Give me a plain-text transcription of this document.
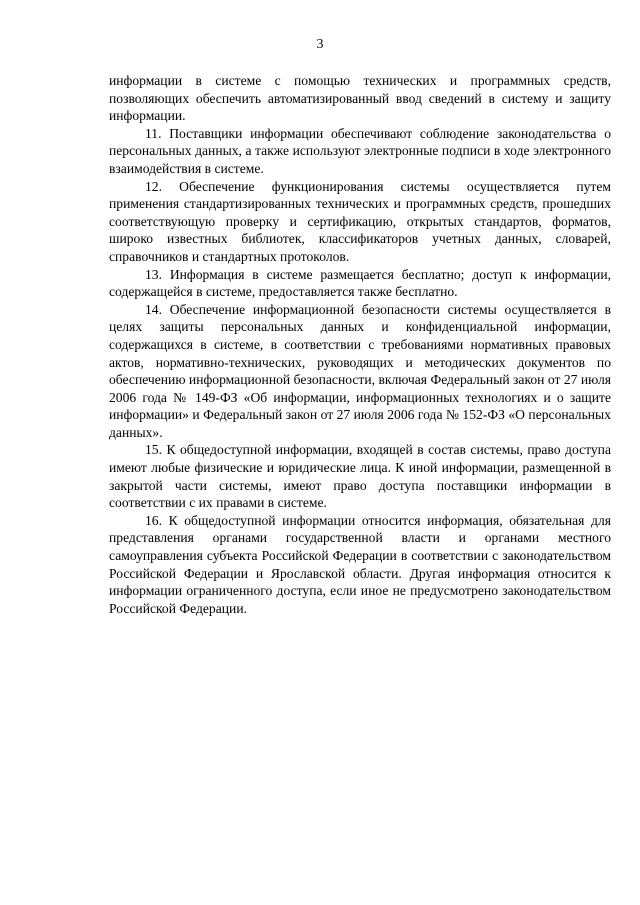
3

информации в системе с помощью технических и программных средств, позволяющих обеспечить автоматизированный ввод сведений в систему и защиту информации.

11. Поставщики информации обеспечивают соблюдение законодательства о персональных данных, а также используют электронные подписи в ходе электронного взаимодействия в системе.

12. Обеспечение функционирования системы осуществляется путем применения стандартизированных технических и программных средств, прошедших соответствующую проверку и сертификацию, открытых стандартов, форматов, широко известных библиотек, классификаторов учетных данных, словарей, справочников и стандартных протоколов.

13. Информация в системе размещается бесплатно; доступ к информации, содержащейся в системе, предоставляется также бесплатно.

14. Обеспечение информационной безопасности системы осуществляется в целях защиты персональных данных и конфиденциальной информации, содержащихся в системе, в соответствии с требованиями нормативных правовых актов, нормативно-технических, руководящих и методических документов по обеспечению информационной безопасности, включая Федеральный закон от 27 июля 2006 года № 149-ФЗ «Об информации, информационных технологиях и о защите информации» и Федеральный закон от 27 июля 2006 года № 152-ФЗ «О персональных данных».

15. К общедоступной информации, входящей в состав системы, право доступа имеют любые физические и юридические лица. К иной информации, размещенной в закрытой части системы, имеют право доступа поставщики информации в соответствии с их правами в системе.

16. К общедоступной информации относится информация, обязательная для представления органами государственной власти и органами местного самоуправления субъекта Российской Федерации в соответствии с законодательством Российской Федерации и Ярославской области. Другая информация относится к информации ограниченного доступа, если иное не предусмотрено законодательством Российской Федерации.
